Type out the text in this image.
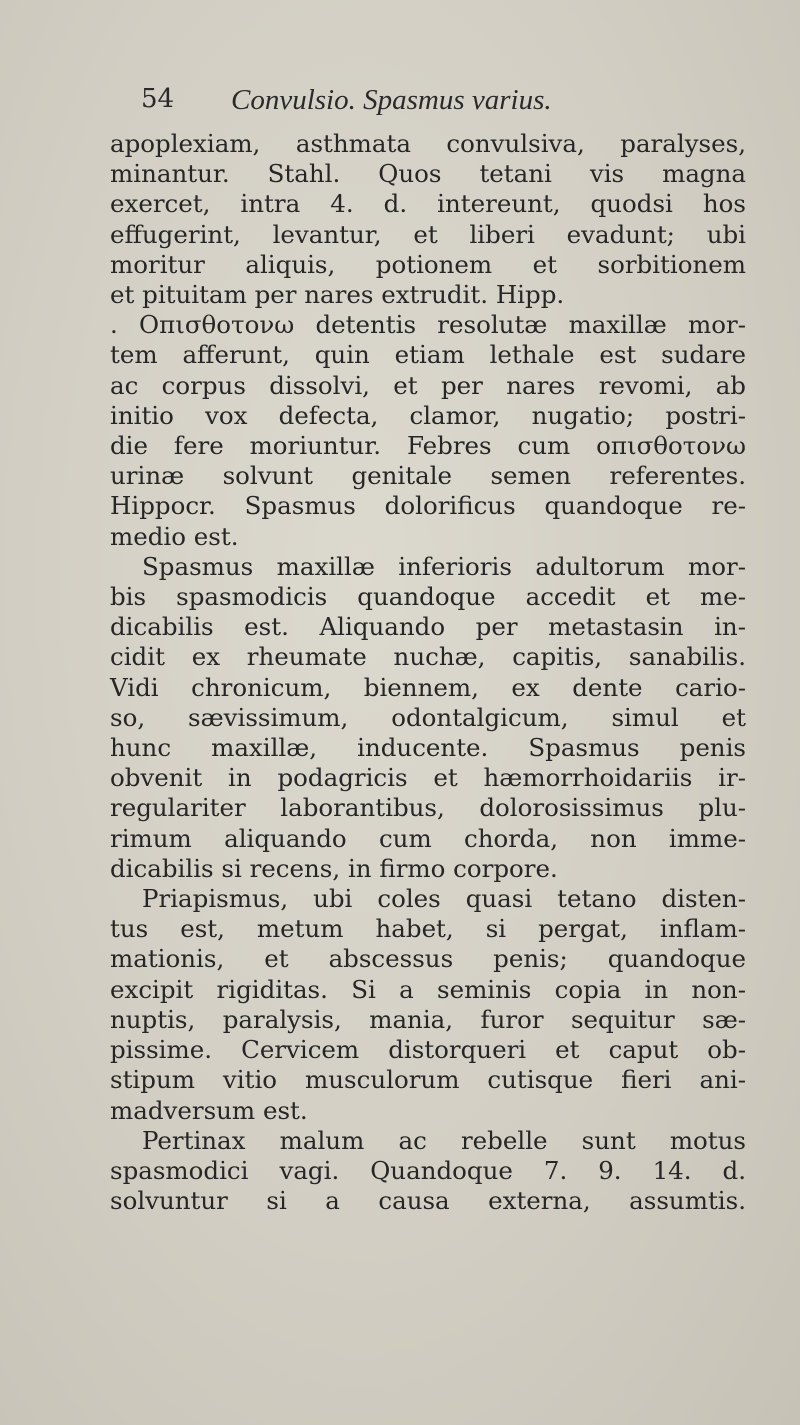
54 Convulsio. Spasmus varius.
apoplexiam, asthmata convulsiva, paralyses,
minantur. Stahl. Quos tetani vis magna
exercet, intra 4. d. intereunt, quodsi hos
effugerint, levantur, et liberi evadunt; ubi
moritur aliquis, potionem et sorbitionem
et pituitam per nares extrudit. Hipp.
. Οπισθοτονω detentis resolutæ maxillæ mor-
tem afferunt, quin etiam lethale est sudare
ac corpus dissolvi, et per nares revomi, ab
initio vox defecta, clamor, nugatio; postri-
die fere moriuntur. Febres cum οπισθοτονω
urinæ solvunt genitale semen referentes.
Hippocr. Spasmus dolorificus quandoque re-
medio est.
Spasmus maxillæ inferioris adultorum mor-
bis spasmodicis quandoque accedit et me-
dicabilis est. Aliquando per metastasin in-
cidit ex rheumate nuchæ, capitis, sanabilis.
Vidi chronicum, biennem, ex dente cario-
so, sævissimum, odontalgicum, simul et
hunc maxillæ, inducente. Spasmus penis
obvenit in podagricis et hæmorrhoidariis ir-
regulariter laborantibus, dolorosissimus plu-
rimum aliquando cum chorda, non imme-
dicabilis si recens, in firmo corpore.
Priapismus, ubi coles quasi tetano disten-
tus est, metum habet, si pergat, inflam-
mationis, et abscessus penis; quandoque
excipit rigiditas. Si a seminis copia in non-
nuptis, paralysis, mania, furor sequitur sæ-
pissime. Cervicem distorqueri et caput ob-
stipum vitio musculorum cutisque fieri ani-
madversum est.
Pertinax malum ac rebelle sunt motus
spasmodici vagi. Quandoque 7. 9. 14. d.
solvuntur si a causa externa, assumtis.
